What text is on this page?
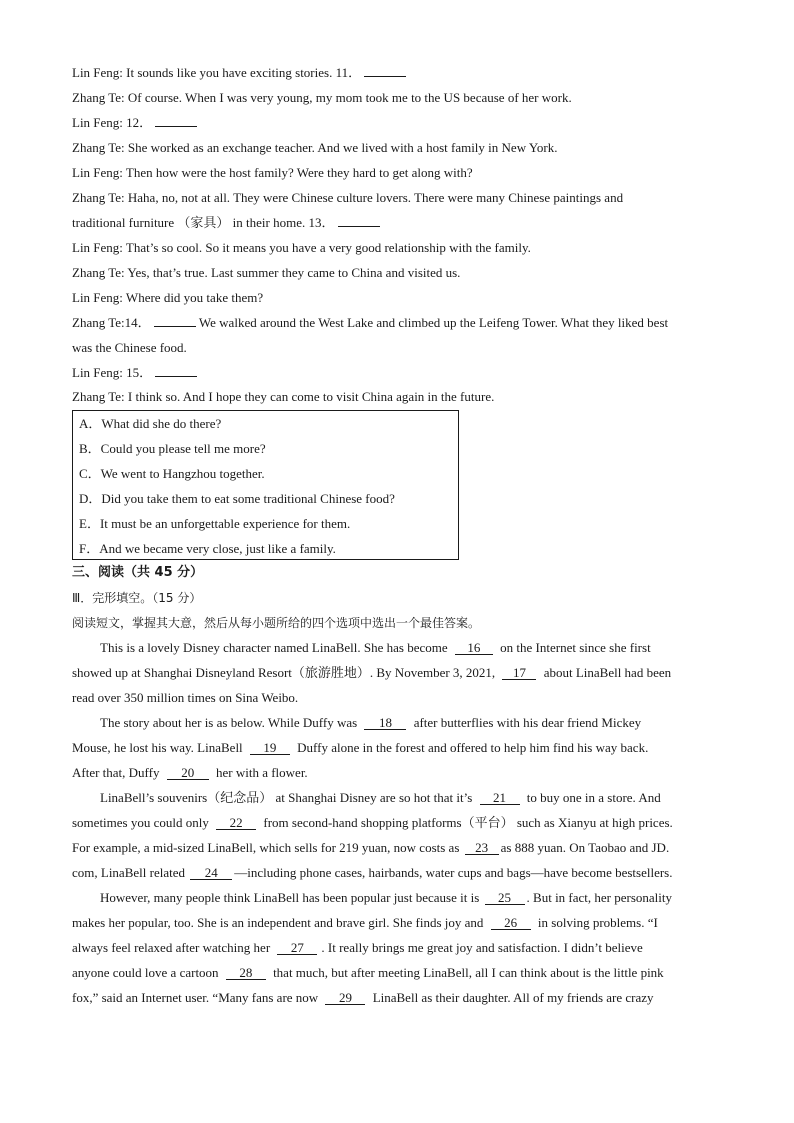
Lin Feng: It sounds like you have exciting stories. 11．
Zhang Te: Of course. When I was very young, my mom took me to the US because of her work.
Lin Feng: 12．
Zhang Te: She worked as an exchange teacher. And we lived with a host family in New York.
Lin Feng: Then how were the host family? Were they hard to get along with?
Zhang Te: Haha, no, not at all. They were Chinese culture lovers. There were many Chinese paintings and
traditional furniture （家具） in their home. 13．
Lin Feng: That’s so cool. So it means you have a very good relationship with the family.
Zhang Te: Yes, that’s true. Last summer they came to China and visited us.
Lin Feng: Where did you take them?
Zhang Te:14．	We walked around the West Lake and climbed up the Leifeng Tower. What they liked best
was the Chinese food.
Lin Feng: 15．
Zhang Te: I think so. And I hope they can come to visit China again in the future.
A．What did she do there?
B．Could you please tell me more?
C．We went to Hangzhou together.
D．Did you take them to eat some traditional Chinese food?
E．It must be an unforgettable experience for them.
F．And we became very close, just like a family.
三、阅读（共 45 分）
Ⅲ．完形填空。（15 分）
阅读短文，掌握其大意，然后从每小题所给的四个选项中选出一个最佳答案。
This is a lovely Disney character named LinaBell. She has become 16 on the Internet since she first
showed up at Shanghai Disneyland Resort（旅游胜地）. By November 3, 2021, 17 about LinaBell had been
read over 350 million times on Sina Weibo.
The story about her is as below. While Duffy was 18 after butterflies with his dear friend Mickey
Mouse, he lost his way. LinaBell 19 Duffy alone in the forest and offered to help him find his way back.
After that, Duffy 20 her with a flower.
LinaBell’s souvenirs（纪念品） at Shanghai Disney are so hot that it’s 21 to buy one in a store. And
sometimes you could only 22 from second-hand shopping platforms（平台） such as Xianyu at high prices.
For example, a mid-sized LinaBell, which sells for 219 yuan, now costs as 23 as 888 yuan. On Taobao and JD.
com, LinaBell related 24 —including phone cases, hairbands, water cups and bags—have become bestsellers.
However, many people think LinaBell has been popular just because it is 25 . But in fact, her personality
makes her popular, too. She is an independent and brave girl. She finds joy and 26 in solving problems. “I
always feel relaxed after watching her 27 . It really brings me great joy and satisfaction. I didn’t believe
anyone could love a cartoon 28 that much, but after meeting LinaBell, all I can think about is the little pink
fox,” said an Internet user. “Many fans are now 29 LinaBell as their daughter. All of my friends are crazy
